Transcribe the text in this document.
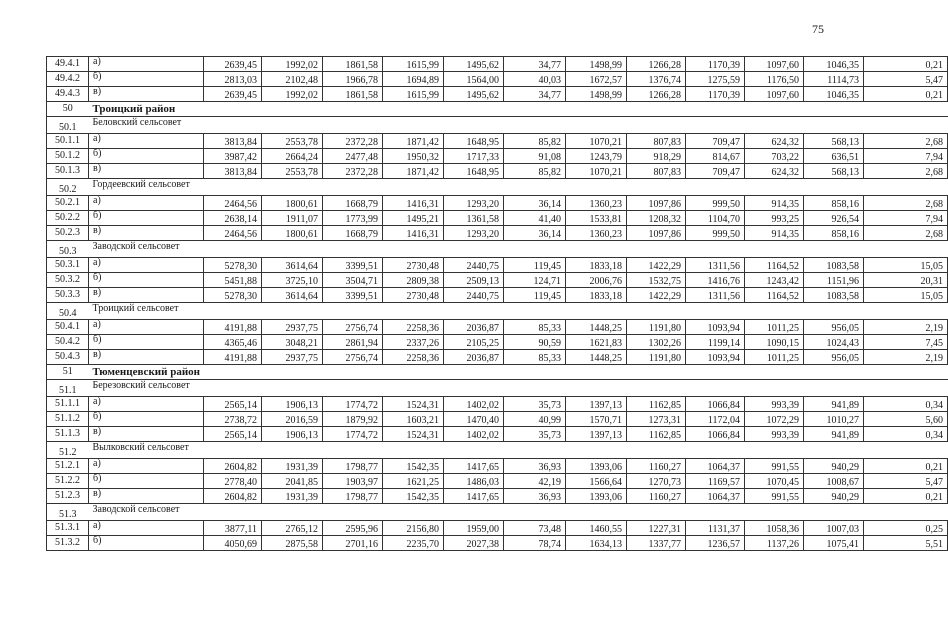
75
49.4.1	а)	2639,45	1992,02	1861,58	1615,99	1495,62	34,77	1498,99	1266,28	1170,39	1097,60	1046,35	0,21
49.4.2	б)	2813,03	2102,48	1966,78	1694,89	1564,00	40,03	1672,57	1376,74	1275,59	1176,50	1114,73	5,47
49.4.3	в)	2639,45	1992,02	1861,58	1615,99	1495,62	34,77	1498,99	1266,28	1170,39	1097,60	1046,35	0,21
50	Троицкий район												
50.1	Беловский сельсовет												
50.1.1	а)	3813,84	2553,78	2372,28	1871,42	1648,95	85,82	1070,21	807,83	709,47	624,32	568,13	2,68
50.1.2	б)	3987,42	2664,24	2477,48	1950,32	1717,33	91,08	1243,79	918,29	814,67	703,22	636,51	7,94
50.1.3	в)	3813,84	2553,78	2372,28	1871,42	1648,95	85,82	1070,21	807,83	709,47	624,32	568,13	2,68
50.2	Гордеевский сельсовет												
50.2.1	а)	2464,56	1800,61	1668,79	1416,31	1293,20	36,14	1360,23	1097,86	999,50	914,35	858,16	2,68
50.2.2	б)	2638,14	1911,07	1773,99	1495,21	1361,58	41,40	1533,81	1208,32	1104,70	993,25	926,54	7,94
50.2.3	в)	2464,56	1800,61	1668,79	1416,31	1293,20	36,14	1360,23	1097,86	999,50	914,35	858,16	2,68
50.3	Заводской сельсовет												
50.3.1	а)	5278,30	3614,64	3399,51	2730,48	2440,75	119,45	1833,18	1422,29	1311,56	1164,52	1083,58	15,05
50.3.2	б)	5451,88	3725,10	3504,71	2809,38	2509,13	124,71	2006,76	1532,75	1416,76	1243,42	1151,96	20,31
50.3.3	в)	5278,30	3614,64	3399,51	2730,48	2440,75	119,45	1833,18	1422,29	1311,56	1164,52	1083,58	15,05
50.4	Троицкий сельсовет												
50.4.1	а)	4191,88	2937,75	2756,74	2258,36	2036,87	85,33	1448,25	1191,80	1093,94	1011,25	956,05	2,19
50.4.2	б)	4365,46	3048,21	2861,94	2337,26	2105,25	90,59	1621,83	1302,26	1199,14	1090,15	1024,43	7,45
50.4.3	в)	4191,88	2937,75	2756,74	2258,36	2036,87	85,33	1448,25	1191,80	1093,94	1011,25	956,05	2,19
51	Тюменцевский район												
51.1	Березовский сельсовет												
51.1.1	а)	2565,14	1906,13	1774,72	1524,31	1402,02	35,73	1397,13	1162,85	1066,84	993,39	941,89	0,34
51.1.2	б)	2738,72	2016,59	1879,92	1603,21	1470,40	40,99	1570,71	1273,31	1172,04	1072,29	1010,27	5,60
51.1.3	в)	2565,14	1906,13	1774,72	1524,31	1402,02	35,73	1397,13	1162,85	1066,84	993,39	941,89	0,34
51.2	Вылковский сельсовет												
51.2.1	а)	2604,82	1931,39	1798,77	1542,35	1417,65	36,93	1393,06	1160,27	1064,37	991,55	940,29	0,21
51.2.2	б)	2778,40	2041,85	1903,97	1621,25	1486,03	42,19	1566,64	1270,73	1169,57	1070,45	1008,67	5,47
51.2.3	в)	2604,82	1931,39	1798,77	1542,35	1417,65	36,93	1393,06	1160,27	1064,37	991,55	940,29	0,21
51.3	Заводской сельсовет												
51.3.1	а)	3877,11	2765,12	2595,96	2156,80	1959,00	73,48	1460,55	1227,31	1131,37	1058,36	1007,03	0,25
51.3.2	б)	4050,69	2875,58	2701,16	2235,70	2027,38	78,74	1634,13	1337,77	1236,57	1137,26	1075,41	5,51
